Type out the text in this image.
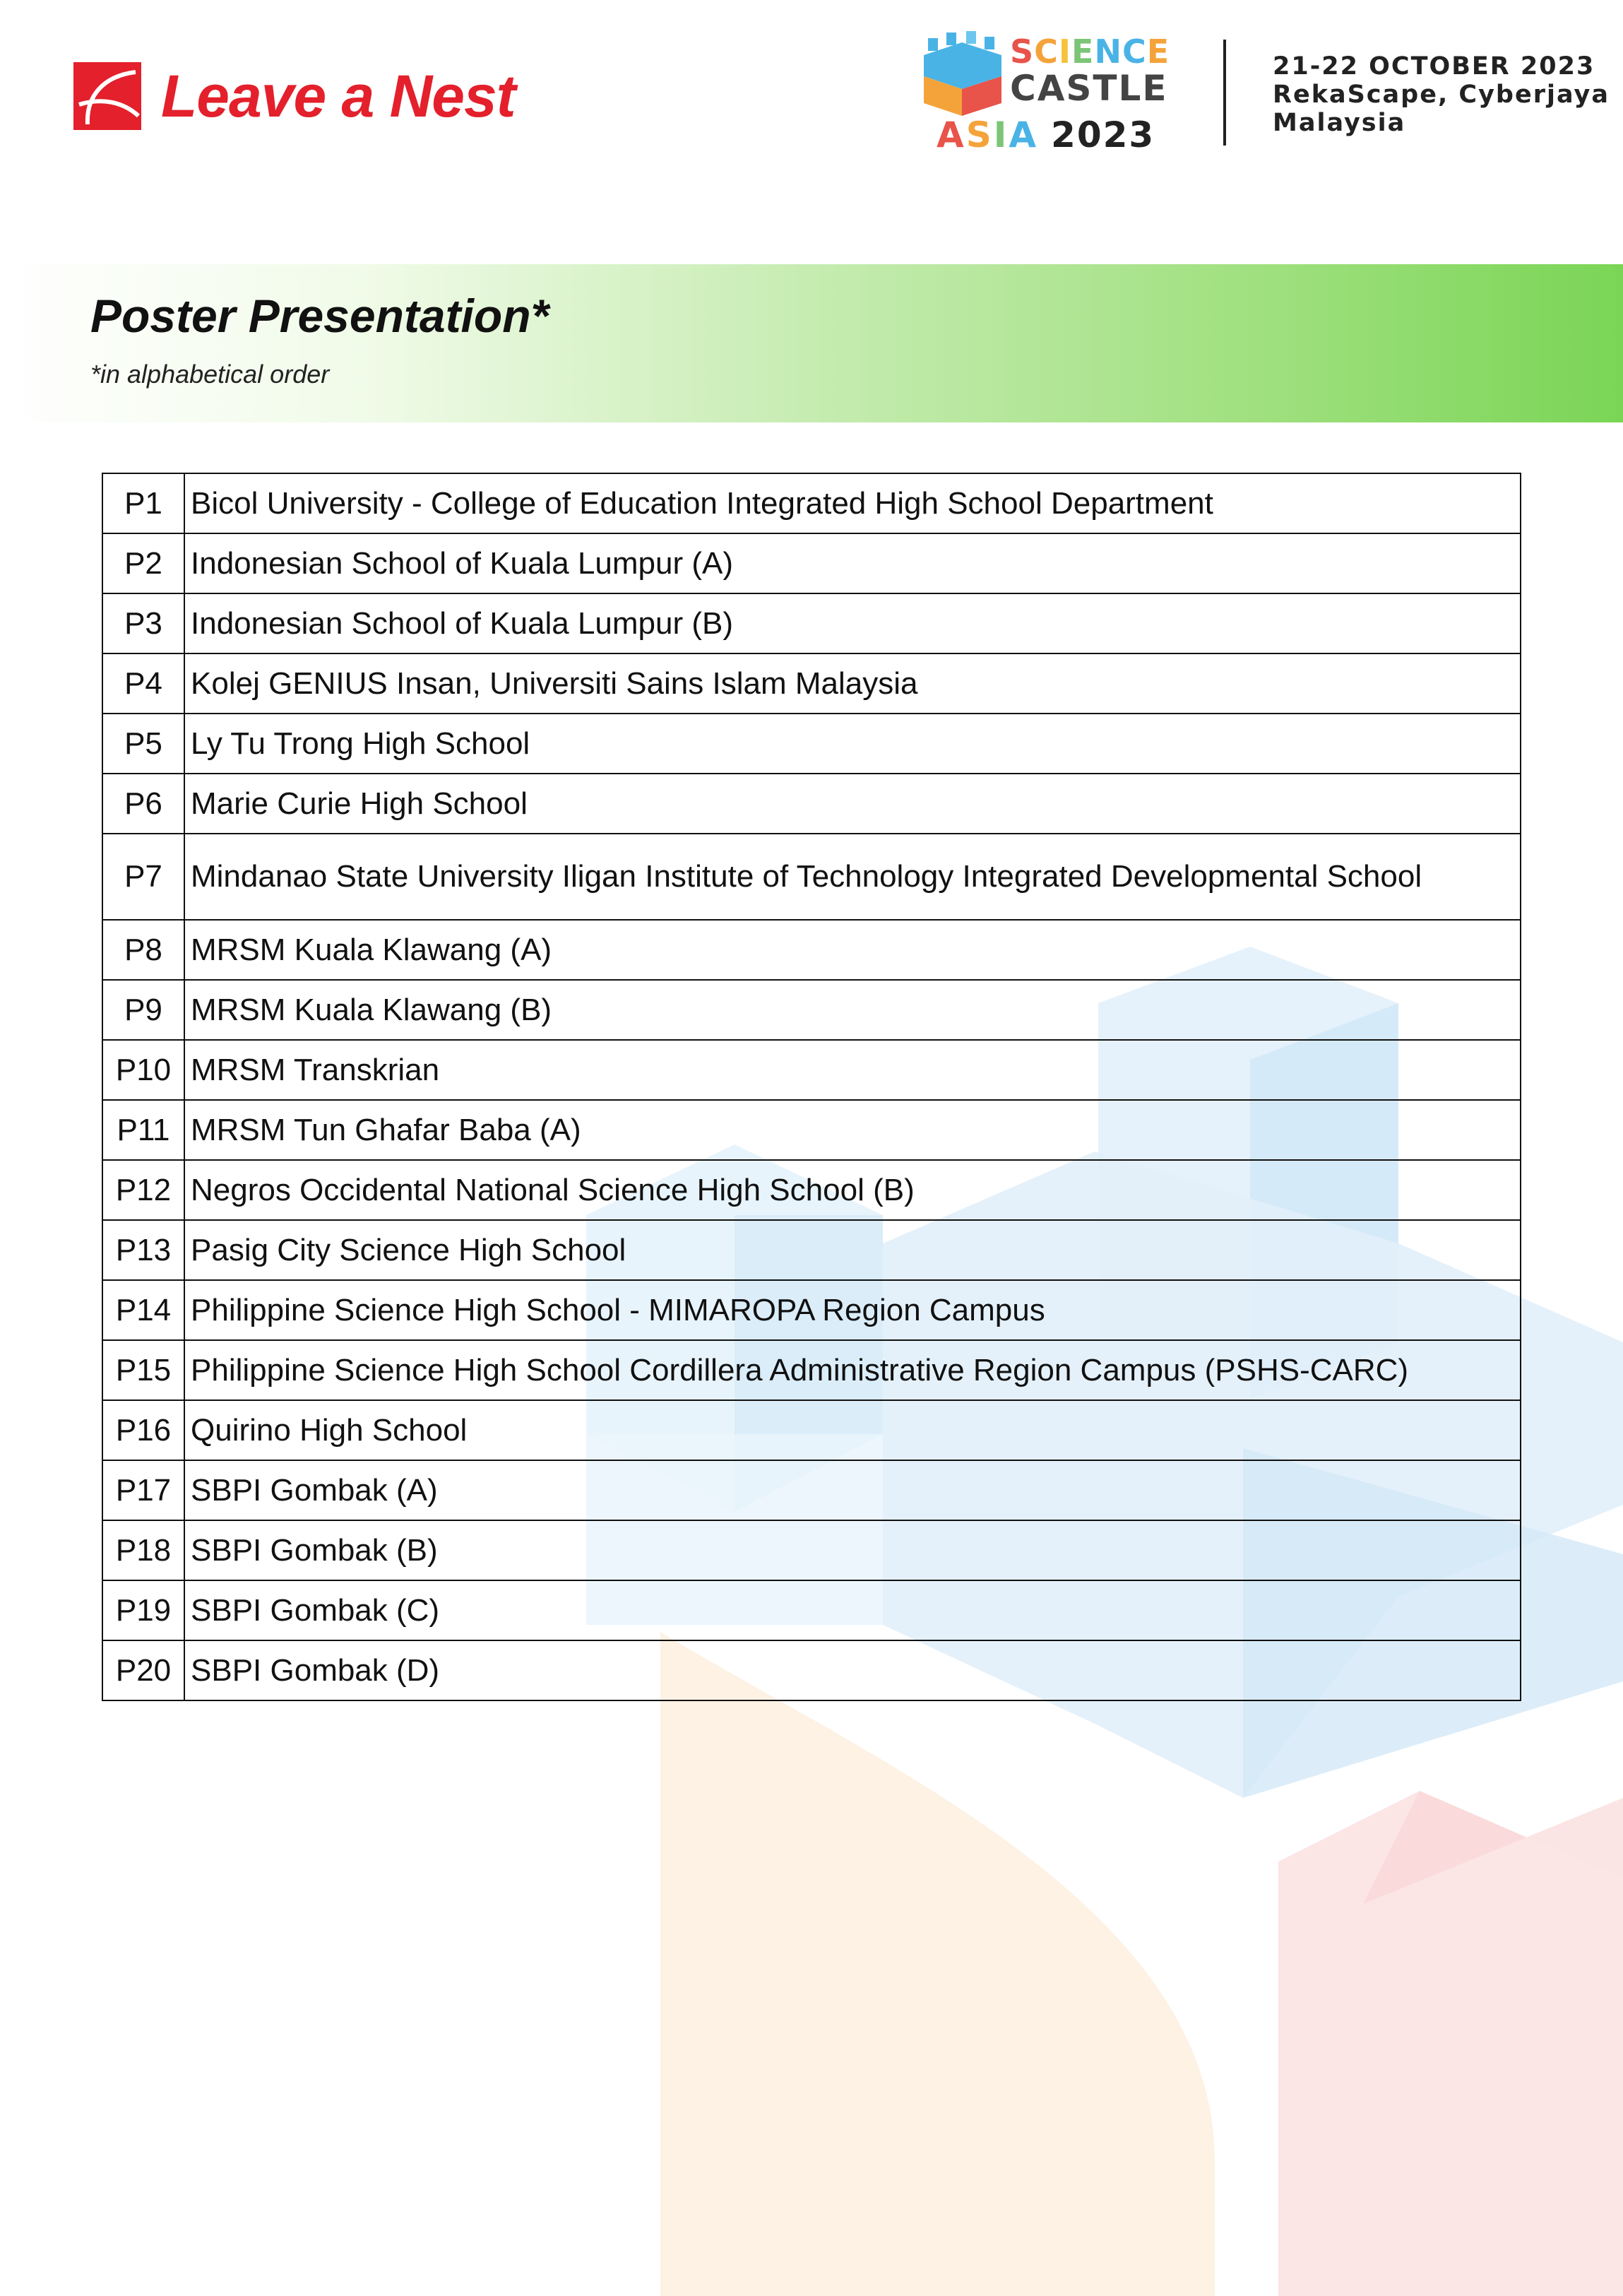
Leave a Nest
SCIENCE
CASTLE
ASIA 2023
21-22 OCTOBER 2023
RekaScape, Cyberjaya
Malaysia
Poster Presentation*
*in alphabetical order
P1	Bicol University - College of Education Integrated High School Department
P2	Indonesian School of Kuala Lumpur (A)
P3	Indonesian School of Kuala Lumpur (B)
P4	Kolej GENIUS Insan, Universiti Sains Islam Malaysia
P5	Ly Tu Trong High School
P6	Marie Curie High School
P7	Mindanao State University Iligan Institute of Technology Integrated Developmental School
P8	MRSM Kuala Klawang (A)
P9	MRSM Kuala Klawang (B)
P10	MRSM Transkrian
P11	MRSM Tun Ghafar Baba (A)
P12	Negros Occidental National Science High School (B)
P13	Pasig City Science High School
P14	Philippine Science High School - MIMAROPA Region Campus
P15	Philippine Science High School Cordillera Administrative Region Campus (PSHS-CARC)
P16	Quirino High School
P17	SBPI Gombak (A)
P18	SBPI Gombak (B)
P19	SBPI Gombak (C)
P20	SBPI Gombak (D)
